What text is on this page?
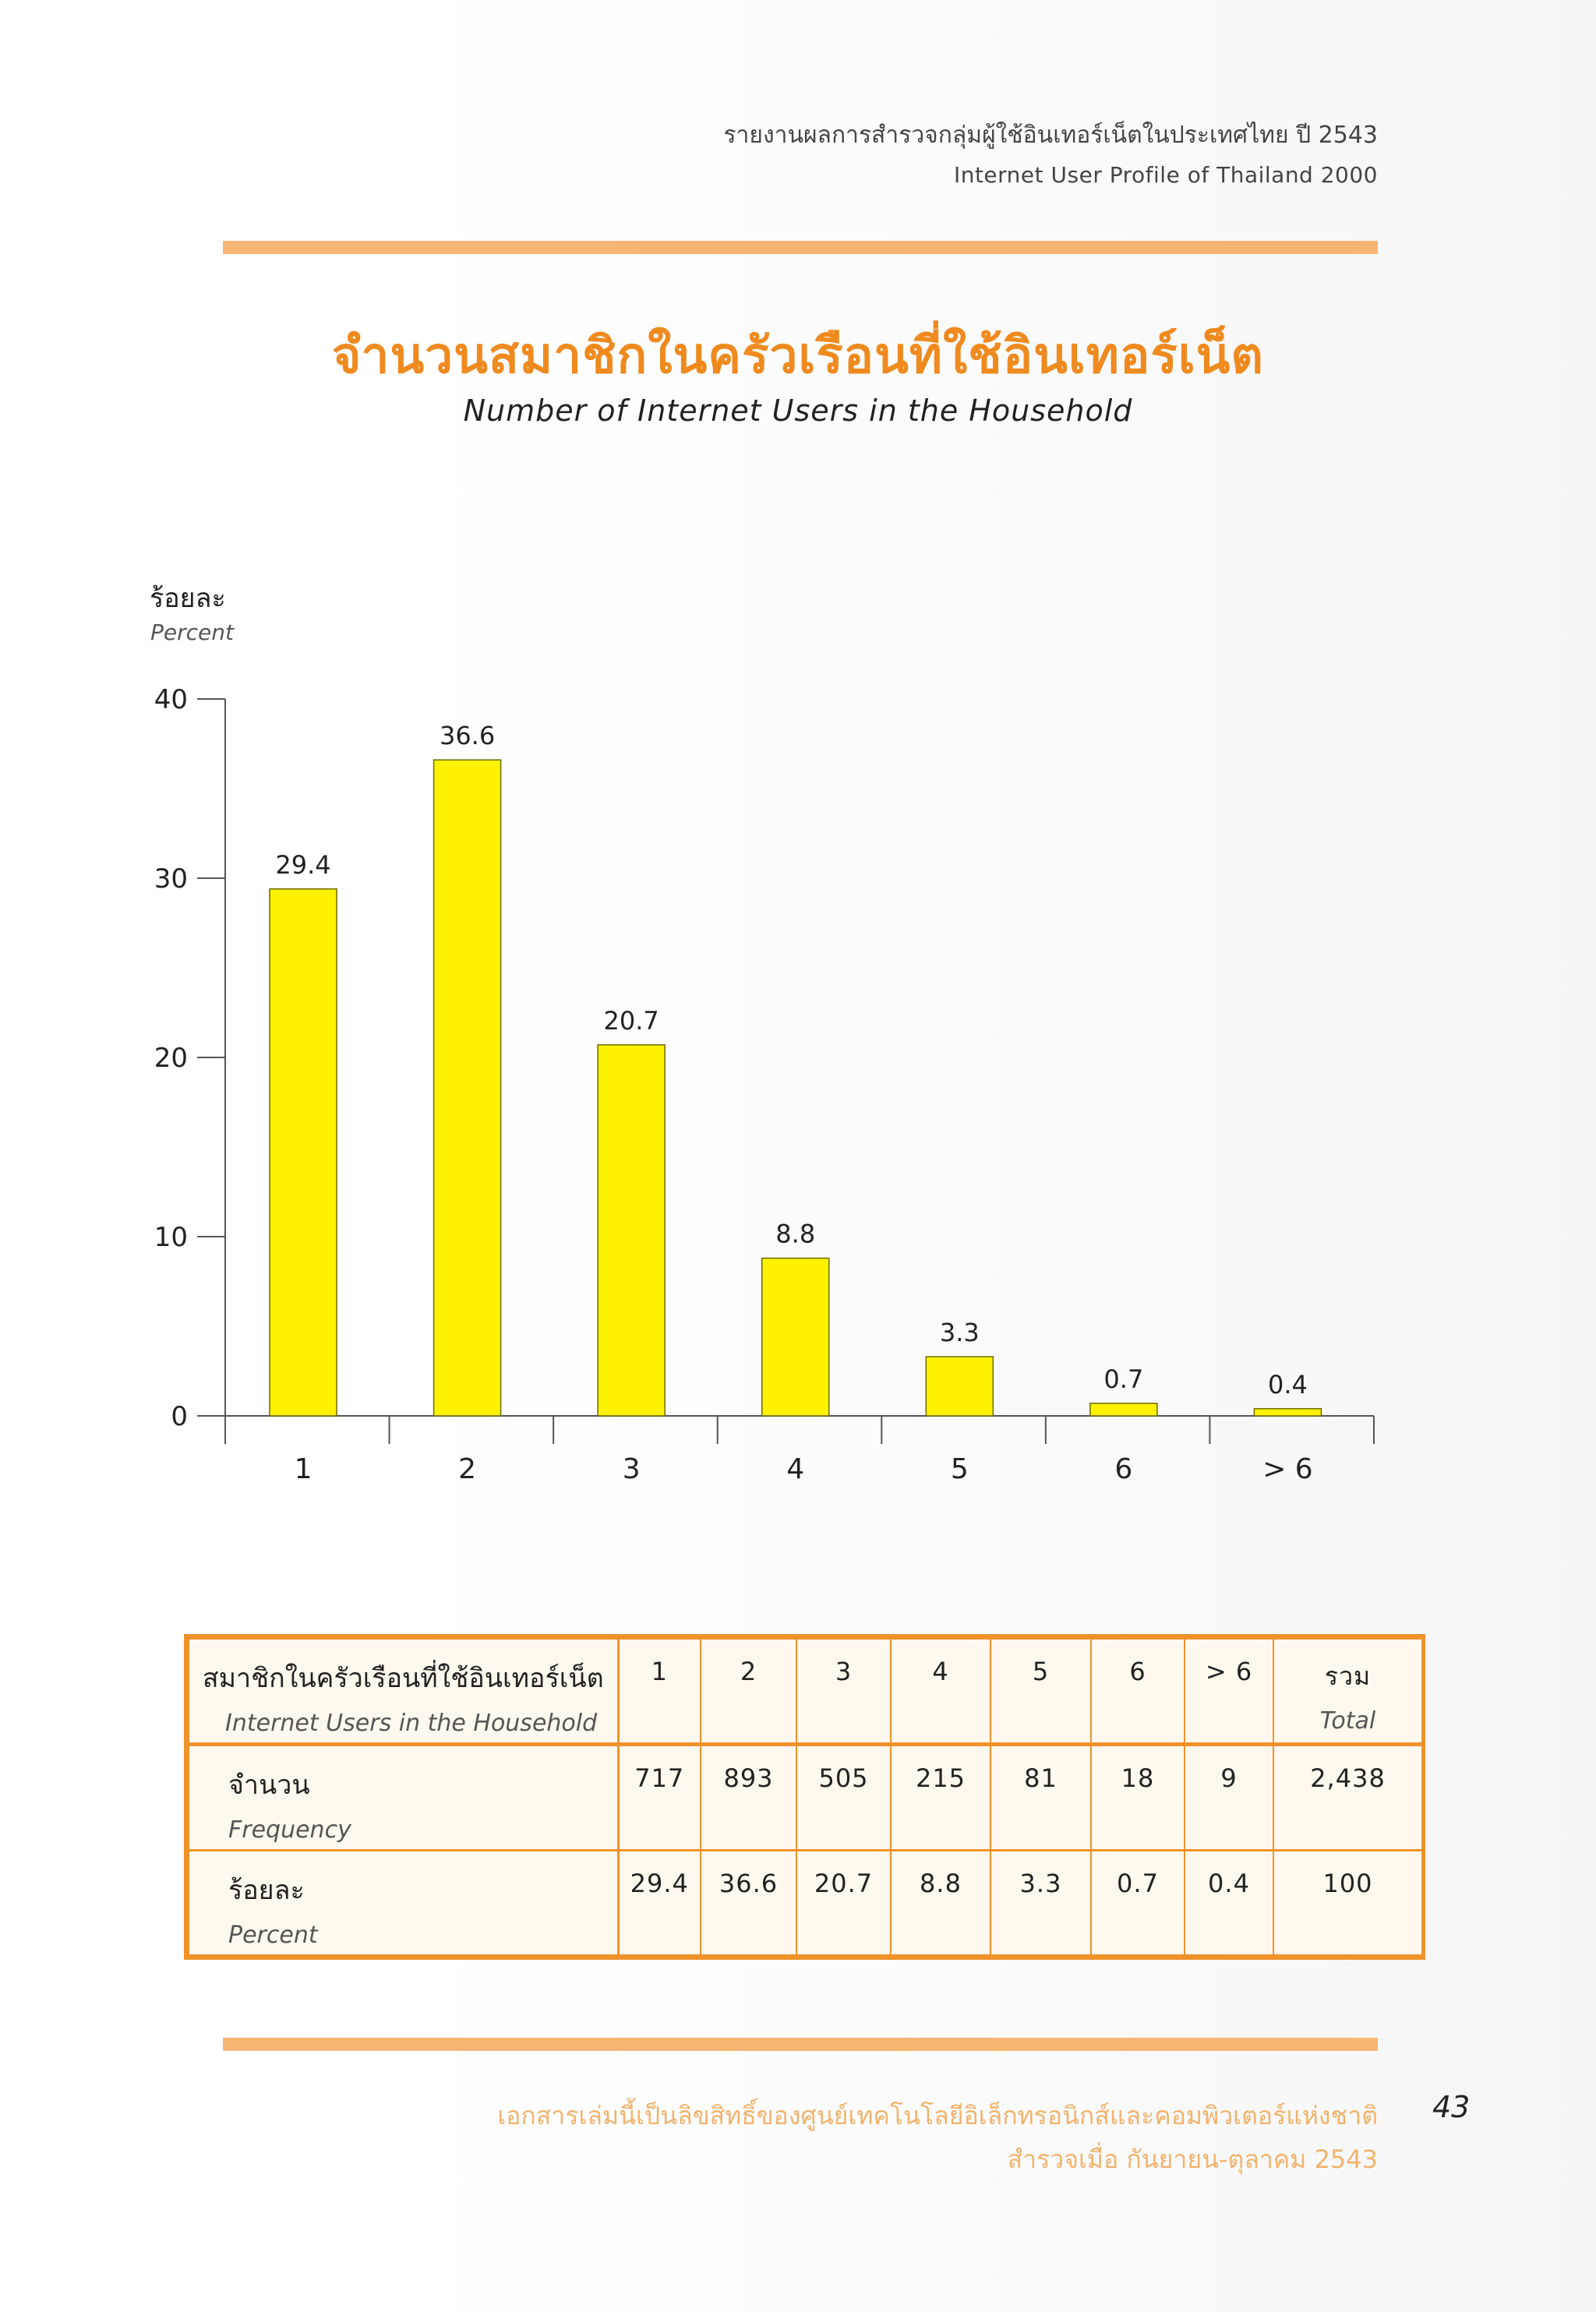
รายงานผลการสำรวจกลุ่มผู้ใช้อินเทอร์เน็ตในประเทศไทย ปี 2543
Internet User Profile of Thailand 2000
จำนวนสมาชิกในครัวเรือนที่ใช้อินเทอร์เน็ต
Number of Internet Users in the Household
ร้อยละ
Percent
0
10
20
30
40
29.4
1
36.6
2
20.7
3
8.8
4
3.3
5
0.7
6
0.4
> 6
สมาชิกในครัวเรือนที่ใช้อินเทอร์เน็ต
Internet Users in the Household	1	2	3	4	5	6	> 6	รวม
Total

จำนวน
Frequency	717	893	505	215	81	18	9	2,438

ร้อยละ
Percent	29.4	36.6	20.7	8.8	3.3	0.7	0.4	100
เอกสารเล่มนี้เป็นลิขสิทธิ์ของศูนย์เทคโนโลยีอิเล็กทรอนิกส์และคอมพิวเตอร์แห่งชาติ
สำรวจเมื่อ กันยายน-ตุลาคม 2543
43
